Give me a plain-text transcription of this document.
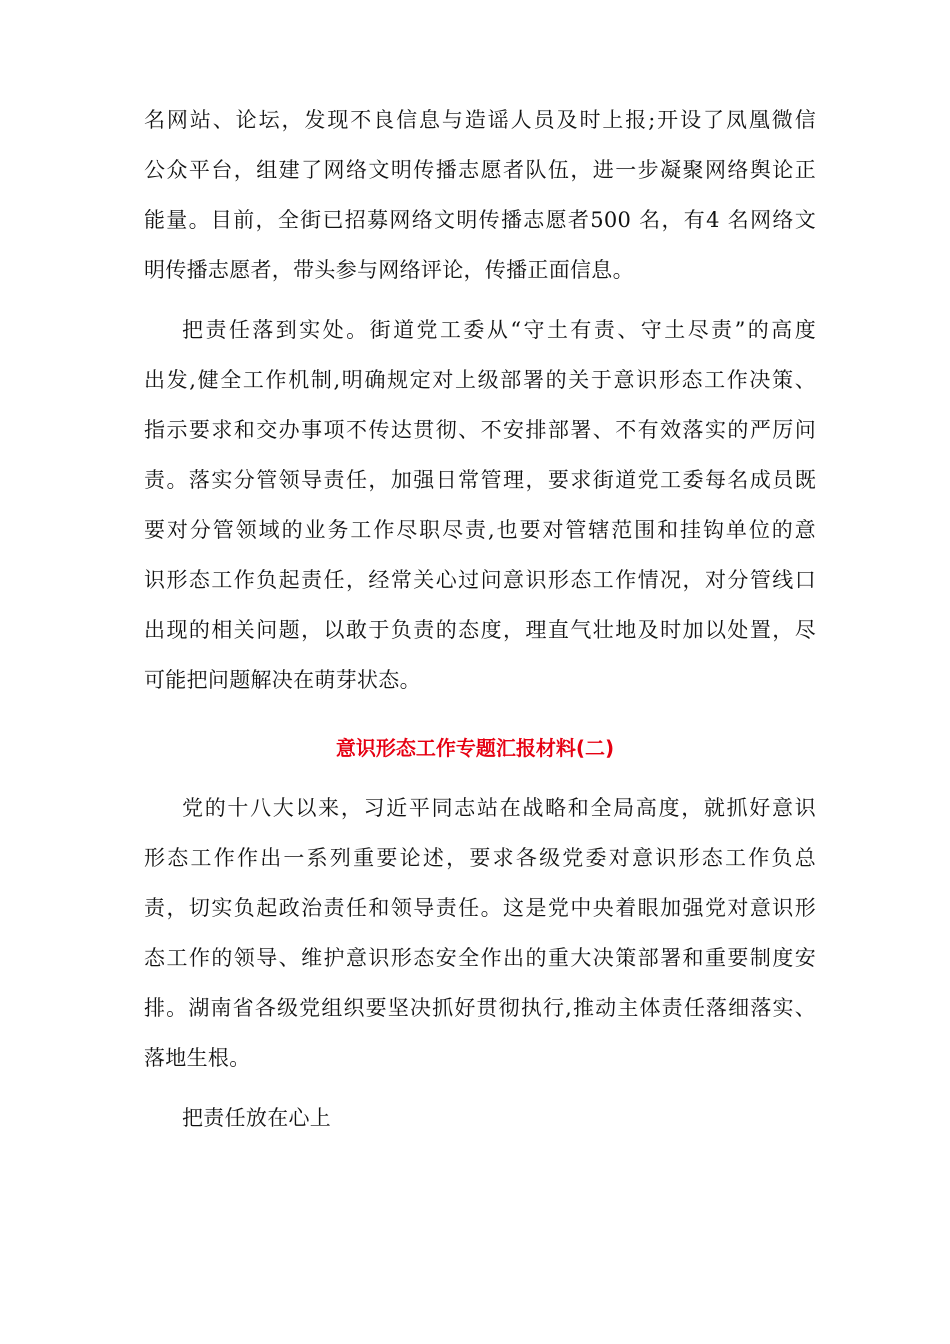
名网站、论坛，发现不良信息与造谣人员及时上报;开设了凤凰微信
公众平台，组建了网络文明传播志愿者队伍，进一步凝聚网络舆论正
能量。目前，全街已招募网络文明传播志愿者500 名，有4 名网络文
明传播志愿者，带头参与网络评论，传播正面信息。
把责任落到实处。街道党工委从“守土有责、守土尽责”的高度
出发,健全工作机制,明确规定对上级部署的关于意识形态工作决策、
指示要求和交办事项不传达贯彻、不安排部署、不有效落实的严厉问
责。落实分管领导责任，加强日常管理，要求街道党工委每名成员既
要对分管领域的业务工作尽职尽责,也要对管辖范围和挂钩单位的意
识形态工作负起责任，经常关心过问意识形态工作情况，对分管线口
出现的相关问题，以敢于负责的态度，理直气壮地及时加以处置，尽
可能把问题解决在萌芽状态。
意识形态工作专题汇报材料(二)
党的十八大以来，习近平同志站在战略和全局高度，就抓好意识
形态工作作出一系列重要论述，要求各级党委对意识形态工作负总
责，切实负起政治责任和领导责任。这是党中央着眼加强党对意识形
态工作的领导、维护意识形态安全作出的重大决策部署和重要制度安
排。湖南省各级党组织要坚决抓好贯彻执行,推动主体责任落细落实、
落地生根。
把责任放在心上
